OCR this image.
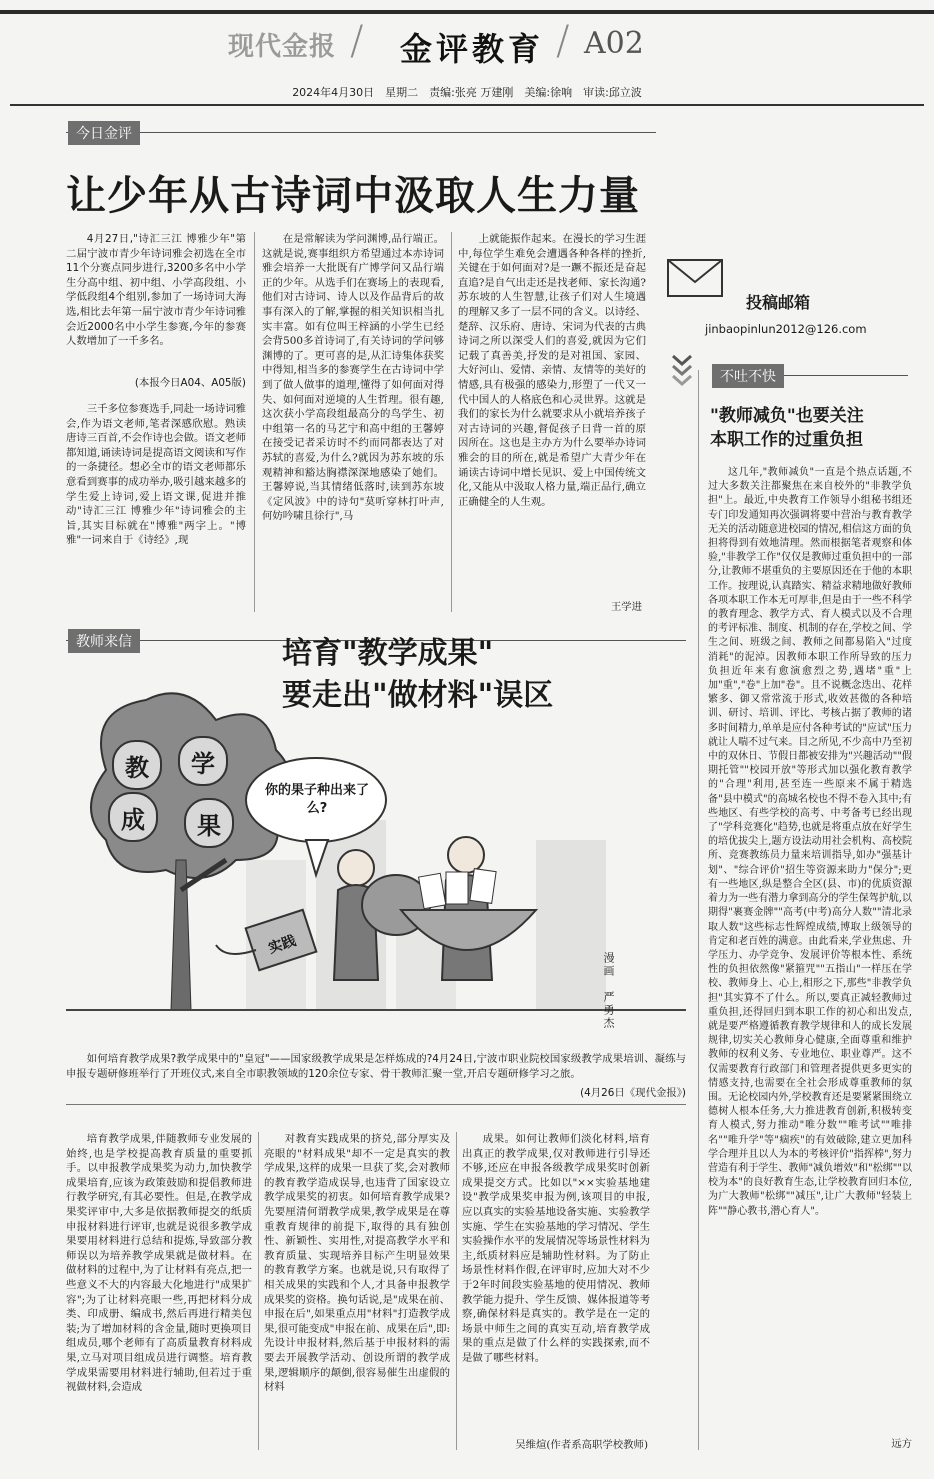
现代金报 / 金评教育 / A02
2024年4月30日　星期二　责编:张亮 万建刚　美编:徐响　审读:邱立波
今日金评
让少年从古诗词中汲取人生力量
4月27日,"诗汇三江 博雅少年"第二届宁波市青少年诗词雅会初选在全市11个分赛点同步进行,3200多名中小学生分高中组、初中组、小学高段组、小学低段组4个组别,参加了一场诗词大海选,相比去年第一届宁波市青少年诗词雅会近2000名中小学生参赛,今年的参赛人数增加了一千多名。
(本报今日A04、A05版)
三千多位参赛选手,同赴一场诗词雅会,作为语文老师,笔者深感欣慰。熟读唐诗三百首,不会作诗也会做。语文老师都知道,诵读诗词是提高语文阅读和写作的一条捷径。想必全市的语文老师都乐意看到赛事的成功举办,吸引越来越多的学生爱上诗词,爱上语文课,促进并推动"诗汇三江 博雅少年"诗词雅会的主旨,其实目标就在"博雅"两字上。"博雅"一词来自于《诗经》,现
在是常解读为学问渊博,品行端正。这就是说,赛事组织方希望通过本赤诗词雅会培养一大批既有广博学问又品行端正的少年。从选手们在赛场上的表现看,他们对古诗词、诗人以及作品背后的故事有深入的了解,掌握的相关知识相当扎实丰富。如有位叫王梓涵的小学生已经会背500多首诗词了,有关诗词的学问够渊博的了。更可喜的是,从汇诗集体获奖中得知,相当多的参赛学生在古诗词中学到了做人做事的道理,懂得了如何面对得失、如何面对逆境的人生哲理。很有趣,这次获小学高段组最高分的鸟学生、初中组第一名的马艺宁和高中组的王馨婷在接受记者采访时不约而同都表达了对苏轼的喜爱,为什么?就因为苏东坡的乐观精神和豁达胸襟深深地感染了她们。王馨婷说,当其情绪低落时,读到苏东坡《定风波》中的诗句"莫听穿林打叶声,何妨吟啸且徐行",马
上就能振作起来。在漫长的学习生涯中,每位学生难免会遭遇各种各样的挫折,关键在于如何面对?是一蹶不振还是奋起直追?是自气出走还是找老师、家长沟通?苏东坡的人生智慧,让孩子们对人生境遇的理解又多了一层不同的含义。以诗经、楚辞、汉乐府、唐诗、宋词为代表的古典诗词之所以深受人们的喜爱,就因为它们记载了真善美,抒发的是对祖国、家园、大好河山、爱情、亲情、友情等的美好的情感,具有极强的感染力,形塑了一代又一代中国人的人格底色和心灵世界。这就是我们的家长为什么就要求从小就培养孩子对古诗词的兴趣,督促孩子日背一首的原因所在。这也是主办方为什么要举办诗词雅会的目的所在,就是希望广大青少年在诵读古诗词中增长见识、爱上中国传统文化,又能从中汲取人格力量,端正品行,确立正确健全的人生观。
王学进
投稿邮箱
jinbaopinlun2012@126.com
不吐不快
"教师减负"也要关注
本职工作的过重负担
这几年,"教师减负"一直是个热点话题,不过大多数关注都聚焦在来自校外的"非教学负担"上。最近,中央教育工作领导小组秘书组还专门印发通知再次强调将要中营治与教育教学无关的活动随意进校园的情况,相信这方面的负担将得到有效地清理。然而根据笔者观察和体验,"非教学工作"仅仅是教师过重负担中的一部分,让教师不堪重负的主要原因还在于他的本职工作。按理说,认真踏实、精益求精地做好教师各项本职工作本无可厚非,但是由于一些不科学的教育理念、教学方式、育人模式以及不合理的考评标准、制度、机制的存在,学校之间、学生之间、班级之间、教师之间都易陷入"过度消耗"的泥淖。因教师本职工作所导致的压力负担近年来有愈演愈烈之势,遇堵"重"上加"重","卷"上加"卷"。且不说概念迭出、花样繁多、御又常常流于形式,收效甚微的各种培训、研讨、培训、评比、考核占据了教师的诸多时间精力,单单是应付各种考试的"应试"压力就让人喘不过气来。目之所见,不少高中乃至初中的双休日、节假日都被安排为"兴趣活动""假期托管""校园开放"等形式加以强化教育教学的"合理"利用,甚至连一些原来不属于精选备"县中模式"的高城名校也不得不卷入其中;有些地区、有些学校的高考、中考备考已经出现了"学科竞赛化"趋势,也就是将重点放在好学生的培优拔尖上,题方设法动用社会机构、高校院所、竞赛教练员力量来培训指导,如办"强基计划"、"综合评价"招生等资源来助力"保分";更有一些地区,纵是整合全区(县、市)的优质资源着力为一些有潜力拿到高分的学生保驾护航,以期得"裹赛金牌""高考(中考)高分人数""清北录取人数"这些标志性辉煌成绩,博取上级领导的肯定和老百姓的满意。由此看来,学业焦虑、升学压力、办学竞争、发展评价等根本性、系统性的负担依然像"紧箍咒""五指山"一样压在学校、教师身上、心上,相形之下,那些"非教学负担"其实算不了什么。所以,要真正减轻教师过重负担,还得回归到本职工作的初心和出发点,就是要严格遵循教育教学规律和人的成长发展规律,切实关心教师身心健康,全面尊重和维护教师的权利义务、专业地位、职业尊严。这不仅需要教育行政部门和管理者提供更多更实的情感支持,也需要在全社会形成尊重教师的氛围。无论校园内外,学校教育还是要紧紧围绕立德树人根本任务,大力推进教育创新,积极转变育人模式,努力推动"唯分数""唯考试""唯排名""唯升学"等"痼疾"的有效破除,建立更加科学合理并且以人为本的考核评价"指挥棒",努力营造有利于学生、教师"减负增效"和"松绑""以校为本"的良好教育生态,让学校教育回归本位,为广大教师"松绑""减压",让广大教师"轻装上阵""静心教书,潜心育人"。
远方
教师来信	培育"教学成果"
要走出"做材料"误区
教	学
成	果
你的果子种出来了么?
实践
漫画　严勇杰
如何培育教学成果?教学成果中的"皇冠"——国家级教学成果是怎样炼成的?4月24日,宁波市职业院校国家级教学成果培训、凝练与申报专题研修班举行了开班仪式,来自全市职教领域的120余位专家、骨干教师汇聚一堂,开启专题研修学习之旅。
(4月26日《现代金报》)
培育教学成果,伴随教师专业发展的始终,也是学校提高教育质量的重要抓手。以申报教学成果奖为动力,加快教学成果培育,应该为政策鼓励和提倡教师进行教学研究,有其必要性。但是,在教学成果奖评审中,大多是依据教师提交的纸质申报材料进行评审,也就是说很多教学成果要用材料进行总结和提炼,导致部分教师误以为培养教学成果就是做材料。在做材料的过程中,为了让材料有亮点,把一些意义不大的内容最大化地进行"成果扩容";为了让材料亮眼一些,再把材料分成类、印成册、编成书,然后再进行精美包装;为了增加材料的含金量,随时更换项目组成员,哪个老师有了高质量教育材料成果,立马对项目组成员进行调整。培育教学成果需要用材料进行辅助,但若过于重视做材料,会造成
对教育实践成果的挤兑,部分厚实及亮眼的"材料成果"却不一定是真实的教学成果,这样的成果一旦获了奖,会对教师的教育教学造成误导,也违背了国家设立教学成果奖的初衷。如何培育教学成果?先要厘清何谓教学成果,教学成果是在尊重教育规律的前提下,取得的具有独创性、新颖性、实用性,对提高教学水平和教育质量、实现培养目标产生明显效果的教育教学方案。也就是说,只有取得了相关成果的实践和个人,才具备申报教学成果奖的资格。换句话说,是"成果在前、申报在后",如果重点用"材料"打造教学成果,很可能变成"申报在前、成果在后",即:先设计申报材料,然后基于申报材料的需要去开展教学活动、创设所谓的教学成果,逻辑顺序的颠倒,很容易催生出虚假的材料
成果。如何让教师们淡化材料,培育出真正的教学成果,仅对教师进行引导还不够,还应在申报各级教学成果奖时创新成果提交方式。比如以"××实验基地建设"教学成果奖申报为例,该项目的申报,应以真实的实验基地设备实施、实验教学实施、学生在实验基地的学习情况、学生实验操作水平的发展情况等场景性材料为主,纸质材料应是辅助性材料。为了防止场景性材料作假,在评审时,应加大对不少于2年时间段实验基地的使用情况、教师教学能力提升、学生反馈、媒体报道等考察,确保材料是真实的。教学是在一定的场景中师生之间的真实互动,培育教学成果的重点是做了什么样的实践探索,而不是做了哪些材料。
吴维煊(作者系高职学校教师)
